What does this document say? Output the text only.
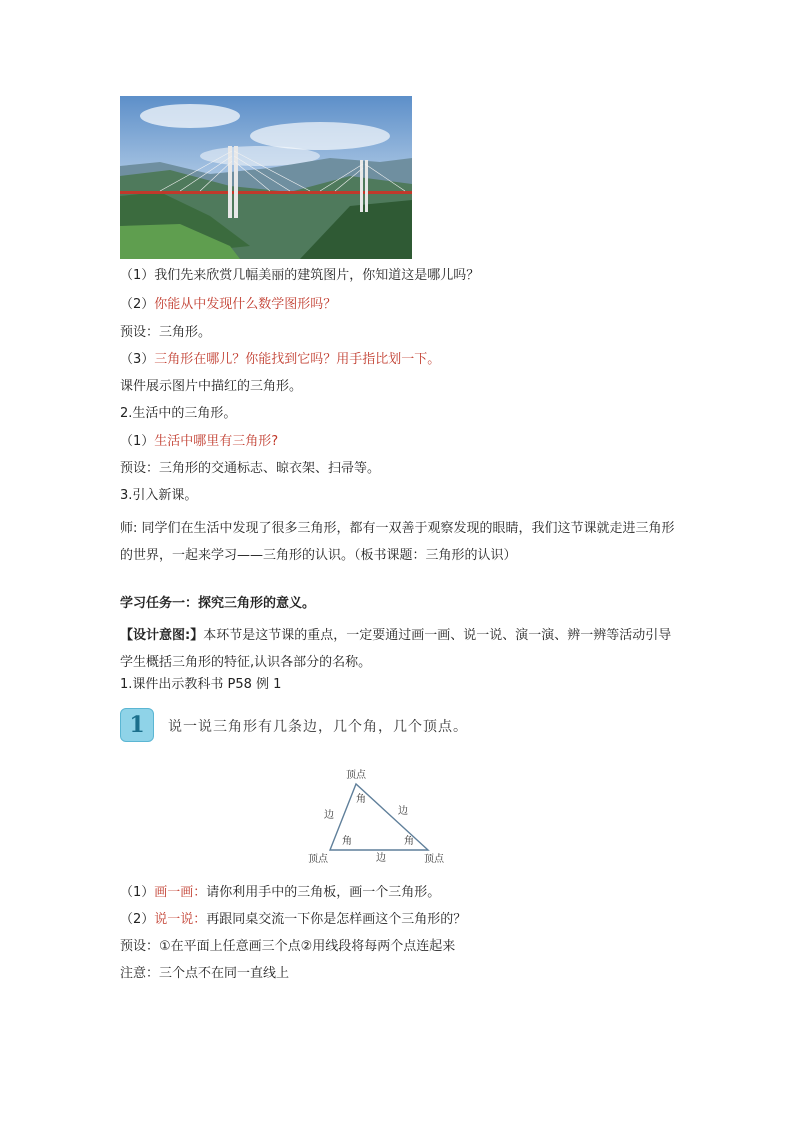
（1）我们先来欣赏几幅美丽的建筑图片，你知道这是哪儿吗？
（2）你能从中发现什么数学图形吗？
预设：三角形。
（3）三角形在哪儿？你能找到它吗？用手指比划一下。
课件展示图片中描红的三角形。
2.生活中的三角形。
（1）生活中哪里有三角形?
预设：三角形的交通标志、晾衣架、扫帚等。
3.引入新课。
师: 同学们在生活中发现了很多三角形，都有一双善于观察发现的眼睛，我们这节课就走进三角形的世界，一起来学习——三角形的认识。（板书课题：三角形的认识）
学习任务一：探究三角形的意义。
【设计意图:】本环节是这节课的重点，一定要通过画一画、说一说、演一演、辨一辨等活动引导学生概括三角形的特征,认识各部分的名称。
1.课件出示教科书 P58 例 1
1	说一说三角形有几条边，几个角，几个顶点。
顶点
顶点	顶点
边	边
边
角
角	角
（1）画一画：请你利用手中的三角板，画一个三角形。
（2）说一说：再跟同桌交流一下你是怎样画这个三角形的？
预设：①在平面上任意画三个点②用线段将每两个点连起来
注意：三个点不在同一直线上
